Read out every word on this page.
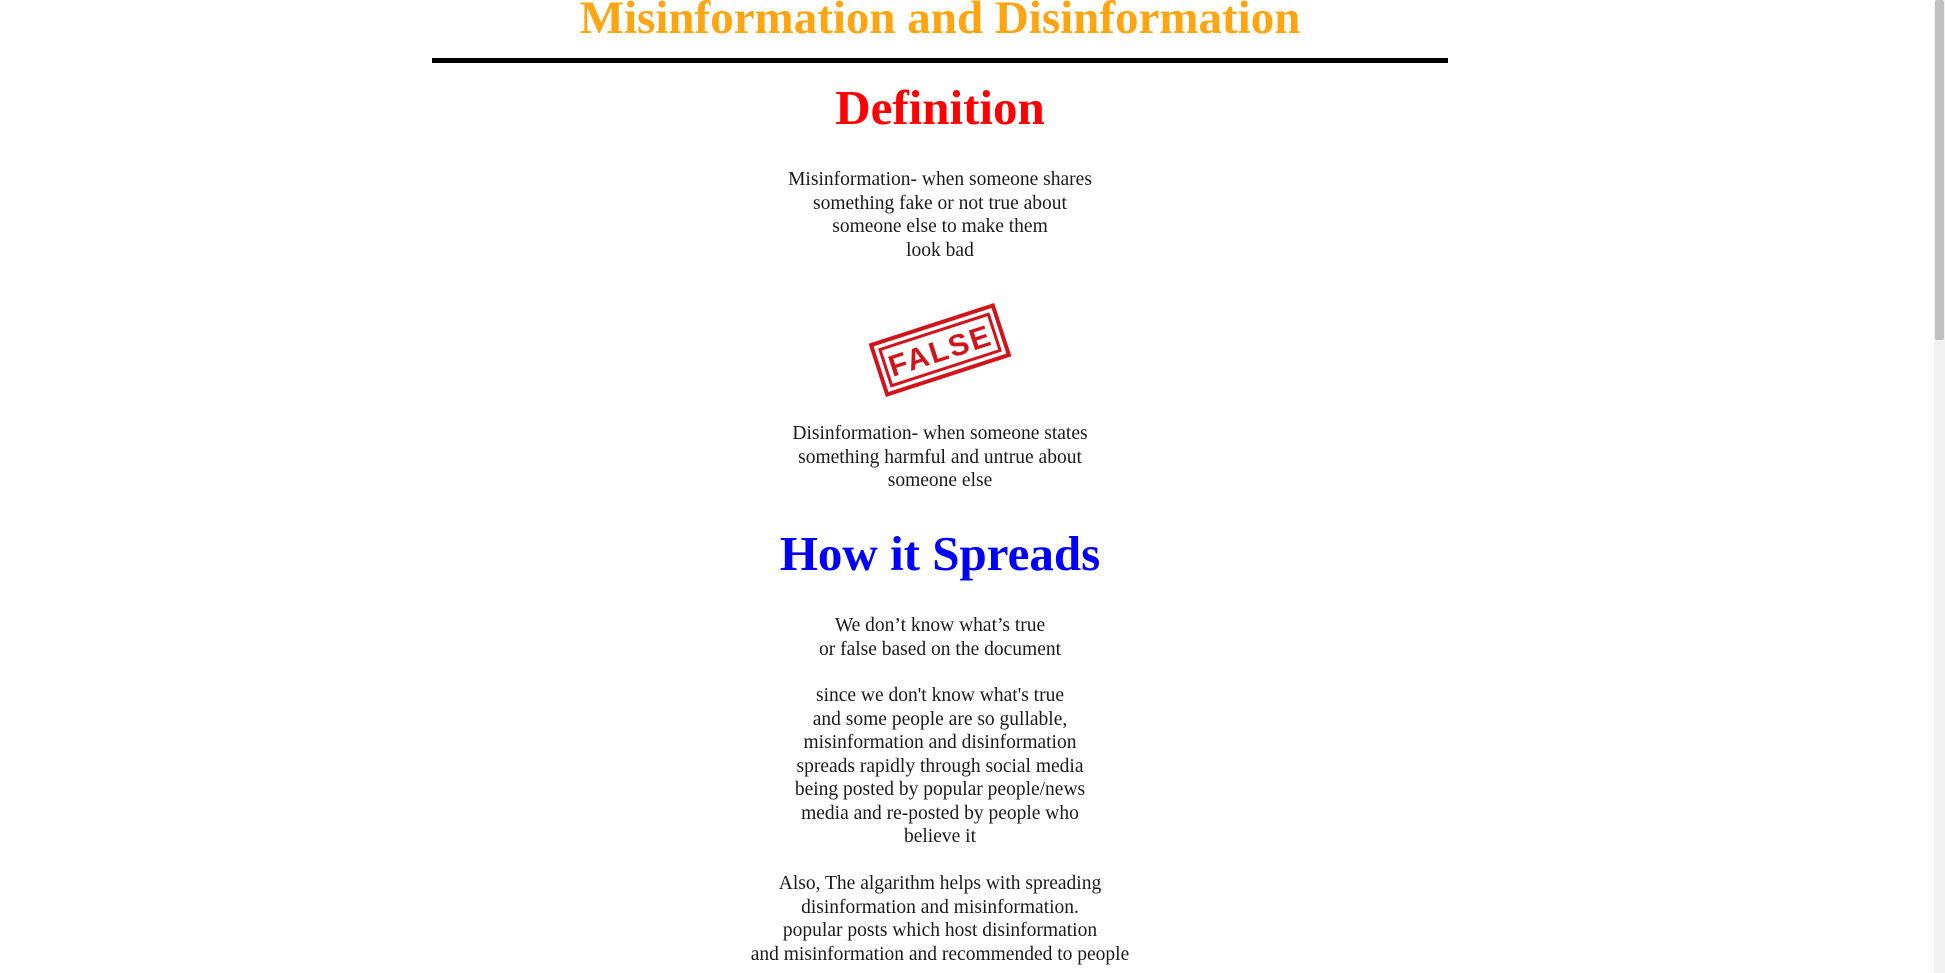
Misinformation and Disinformation
Definition

Misinformation- when someone shares
something fake or not true about
someone else to make them
look bad

FALSE

Disinformation- when someone states
something harmful and untrue about
someone else

How it Spreads

We don’t know what’s true
or false based on the document

since we don't know what's true
and some people are so gullable,
misinformation and disinformation
spreads rapidly through social media
being posted by popular people/news
media and re-posted by people who
believe it

Also, The algarithm helps with spreading
disinformation and misinformation.
popular posts which host disinformation
and misinformation and recommended to people
